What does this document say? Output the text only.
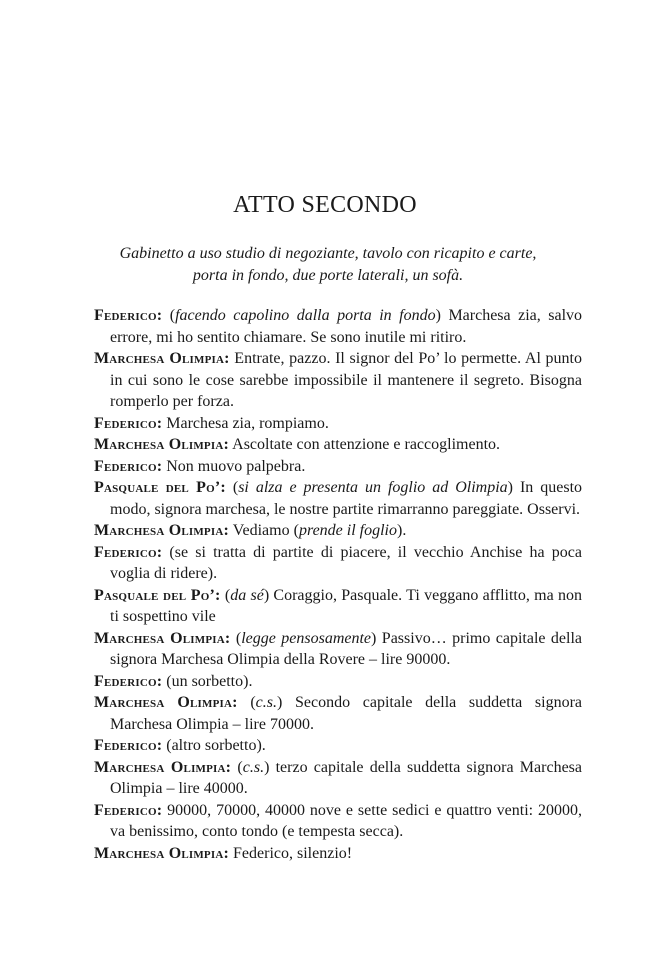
ATTO SECONDO

Gabinetto a uso studio di negoziante, tavolo con ricapito e carte, porta in fondo, due porte laterali, un sofà.

Federico: (facendo capolino dalla porta in fondo) Marchesa zia, salvo errore, mi ho sentito chiamare. Se sono inutile mi ritiro.

Marchesa Olimpia: Entrate, pazzo. Il signor del Po’ lo permette. Al punto in cui sono le cose sarebbe impossibile il mantenere il segreto. Bisogna romperlo per forza.

Federico: Marchesa zia, rompiamo.

Marchesa Olimpia: Ascoltate con attenzione e raccoglimento.

Federico: Non muovo palpebra.

Pasquale del Po’: (si alza e presenta un foglio ad Olimpia) In questo modo, signora marchesa, le nostre partite rimarranno pareggiate. Osservi.

Marchesa Olimpia: Vediamo (prende il foglio).

Federico: (se si tratta di partite di piacere, il vecchio Anchise ha poca voglia di ridere).

Pasquale del Po’: (da sé) Coraggio, Pasquale. Ti veggano afflitto, ma non ti sospettino vile

Marchesa Olimpia: (legge pensosamente) Passivo… primo capitale della signora Marchesa Olimpia della Rovere – lire 90000.

Federico: (un sorbetto).

Marchesa Olimpia: (c.s.) Secondo capitale della suddetta signora Marchesa Olimpia – lire 70000.

Federico: (altro sorbetto).

Marchesa Olimpia: (c.s.) terzo capitale della suddetta signora Marchesa Olimpia – lire 40000.

Federico: 90000, 70000, 40000 nove e sette sedici e quattro venti: 20000, va benissimo, conto tondo (e tempesta secca).

Marchesa Olimpia: Federico, silenzio!
